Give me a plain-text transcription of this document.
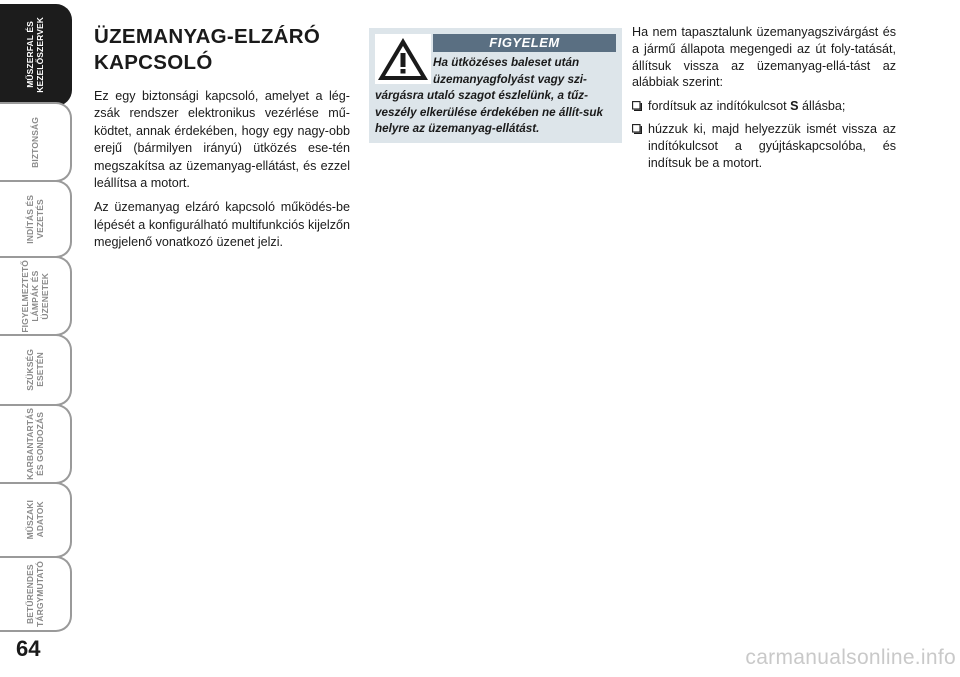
MŰSZERFAL ÉS
KEZELŐSZERVEK
BIZTONSÁG
INDÍTÁS ÉS
VEZETÉS
FIGYELMEZTETŐ
LÁMPÁK ÉS
ÜZENETEK
SZÜKSÉG
ESETÉN
KARBANTARTÁS
ÉS GONDOZÁS
MŰSZAKI
ADATOK
BETŰRENDES
TÁRGYMUTATÓ
64
ÜZEMANYAG-ELZÁRÓ
KAPCSOLÓ

Ez egy biztonsági kapcsoló, amelyet a lég-zsák rendszer elektronikus vezérlése mű-ködtet, annak érdekében, hogy egy nagy-obb erejű (bármilyen irányú) ütközés ese-tén megszakítsa az üzemanyag-ellátást, és ezzel leállítsa a motort.

Az üzemanyag elzáró kapcsoló működés-be lépését a konfigurálható multifunkciós kijelzőn megjelenő vonatkozó üzenet jelzi.

FIGYELEM
Ha ütközéses baleset után
üzemanyagfolyást vagy szi-
várgásra utaló szagot észlelünk, a tűz-veszély elkerülése érdekében ne állít-suk helyre az üzemanyag-ellátást.

Ha nem tapasztalunk üzemanyagszivárgást és a jármű állapota megengedi az út foly-tatását, állítsuk vissza az üzemanyag-ellá-tást az alábbiak szerint:

fordítsuk az indítókulcsot S állásba;

húzzuk ki, majd helyezzük ismét vissza az indítókulcsot a gyújtáskapcsolóba, és indítsuk be a motort.

carmanualsonline.info
